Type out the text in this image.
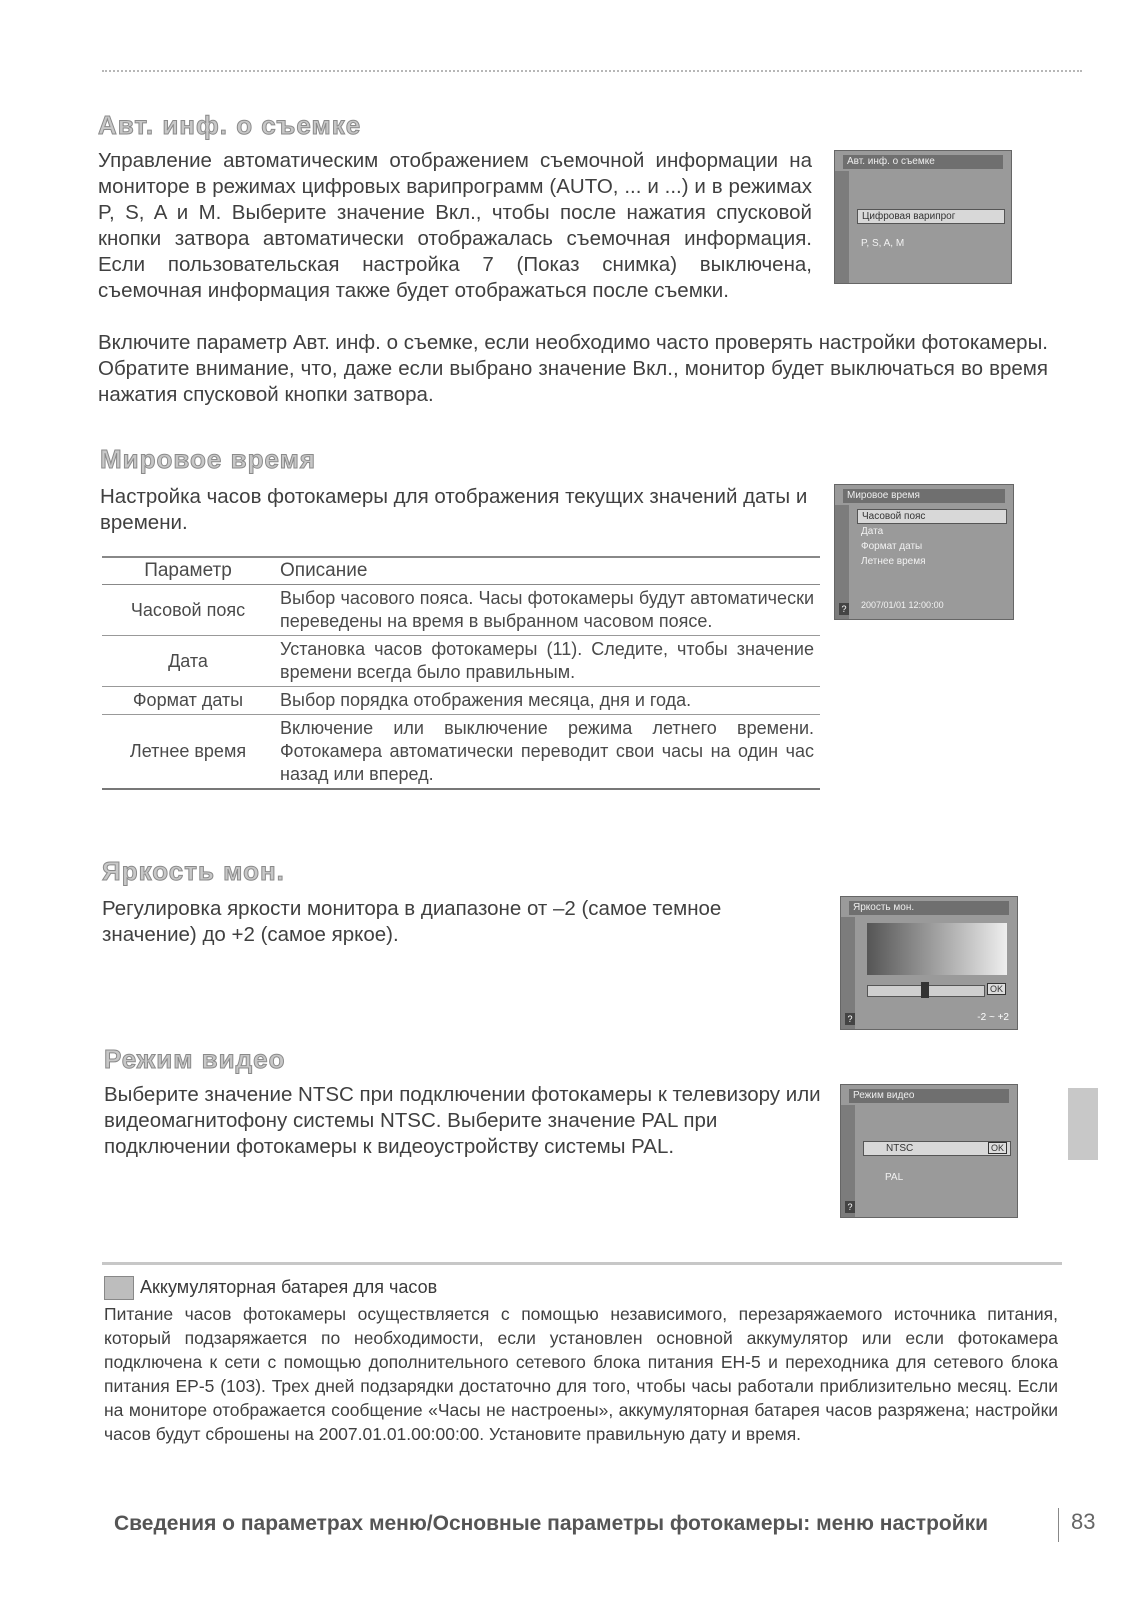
Авт. инф. о съемке

Управление автоматическим отображением съемочной информации на мониторе в режимах цифровых варипрограмм (AUTO, ... и ...) и в режимах P, S, A и M. Выберите значение Вкл., чтобы после нажатия спусковой кнопки затвора автоматически отображалась съемочная информация. Если пользовательская настройка 7 (Показ снимка) выключена, съемочная информация также будет отображаться после съемки.

Включите параметр Авт. инф. о съемке, если необходимо часто проверять настройки фотокамеры. Обратите внимание, что, даже если выбрано значение Вкл., монитор будет выключаться во время нажатия спусковой кнопки затвора.

Авт. инф. о съемке
Цифровая варипрог
P, S, A, M
Мировое время

Настройка часов фотокамеры для отображения текущих значений даты и времени.

Мировое время
Часовой пояс
Дата
Формат даты
Летнее время
2007/01/01 12:00:00
?
Параметр	Описание
Часовой пояс	Выбор часового пояса. Часы фотокамеры будут автоматически переведены на время в выбранном часовом поясе.
Дата	Установка часов фотокамеры (11). Следите, чтобы значение времени всегда было правильным.
Формат даты	Выбор порядка отображения месяца, дня и года.
Летнее время	Включение или выключение режима летнего времени. Фотокамера автоматически переводит свои часы на один час назад или вперед.
Яркость мон.

Регулировка яркости монитора в диапазоне от –2 (самое темное значение) до +2 (самое яркое).

Яркость мон.
OK
-2 ~ +2
?
Режим видео

Выберите значение NTSC при подключении фотокамеры к телевизору или видеомагнитофону системы NTSC. Выберите значение PAL при подключении фотокамеры к видеоустройству системы PAL.

Режим видео
NTSC	OK
PAL
?
Аккумуляторная батарея для часов

Питание часов фотокамеры осуществляется с помощью независимого, перезаряжаемого источника питания, который подзаряжается по необходимости, если установлен основной аккумулятор или если фотокамера подключена к сети с помощью дополнительного сетевого блока питания EH-5 и переходника для сетевого блока питания EP-5 (103). Трех дней подзарядки достаточно для того, чтобы часы работали приблизительно месяц. Если на мониторе отображается сообщение «Часы не настроены», аккумуляторная батарея часов разряжена; настройки часов будут сброшены на 2007.01.01.00:00:00. Установите правильную дату и время.

Сведения о параметрах меню/Основные параметры фотокамеры: меню настройки	83
